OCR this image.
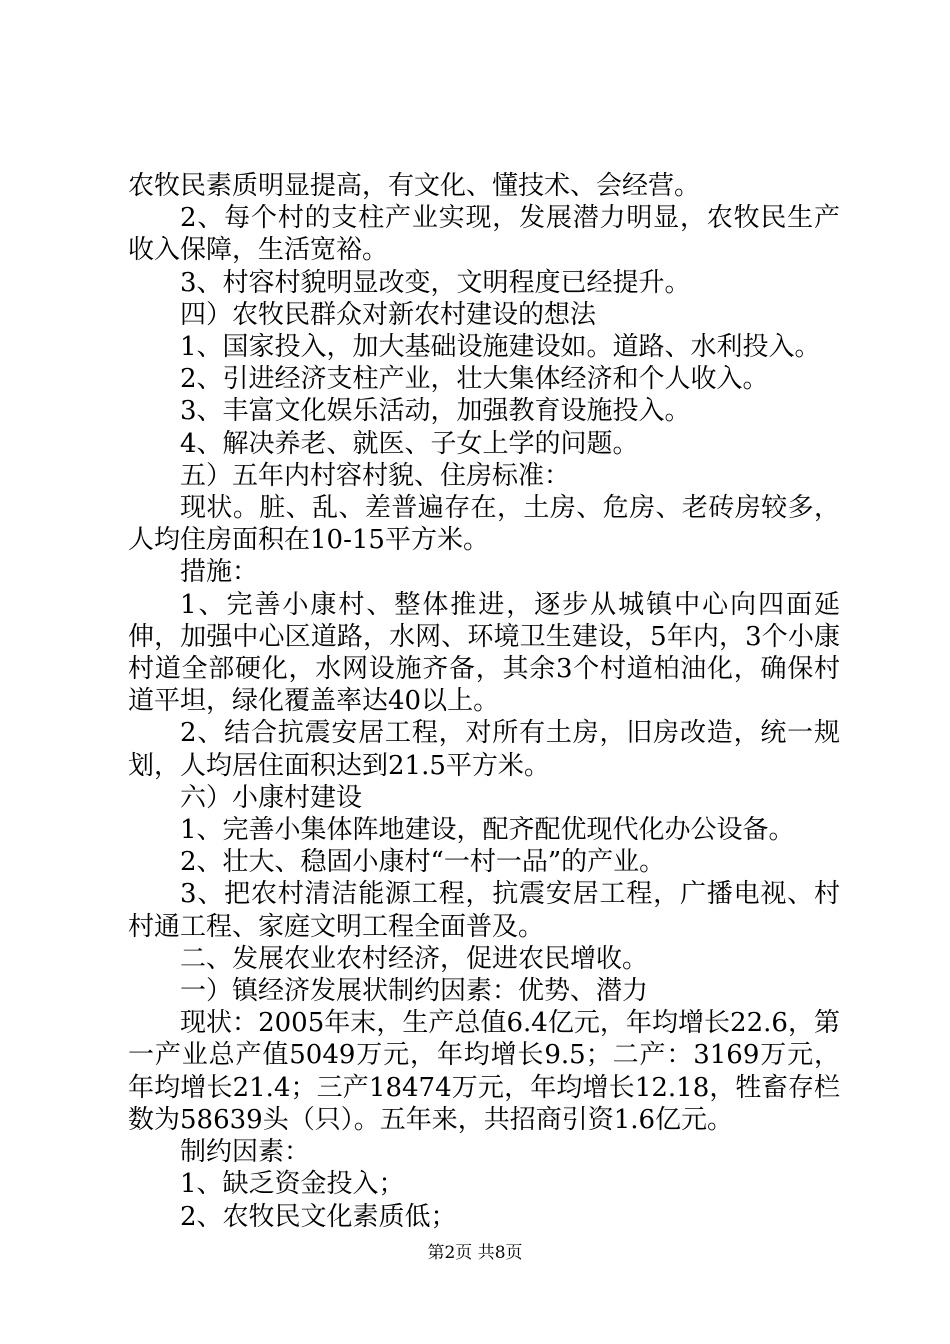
农牧民素质明显提高，有文化、懂技术、会经营。

2、每个村的支柱产业实现，发展潜力明显，农牧民生产收入保障，生活宽裕。

3、村容村貌明显改变，文明程度已经提升。

四）农牧民群众对新农村建设的想法

1、国家投入，加大基础设施建设如。道路、水利投入。

2、引进经济支柱产业，壮大集体经济和个人收入。

3、丰富文化娱乐活动，加强教育设施投入。

4、解决养老、就医、子女上学的问题。

五）五年内村容村貌、住房标准：

现状。脏、乱、差普遍存在，土房、危房、老砖房较多，人均住房面积在10-15平方米。

措施：

1、完善小康村、整体推进，逐步从城镇中心向四面延伸，加强中心区道路，水网、环境卫生建设，5年内，3个小康村道全部硬化，水网设施齐备，其余3个村道柏油化，确保村道平坦，绿化覆盖率达40以上。

2、结合抗震安居工程，对所有土房，旧房改造，统一规划，人均居住面积达到21.5平方米。

六）小康村建设

1、完善小集体阵地建设，配齐配优现代化办公设备。

2、壮大、稳固小康村“一村一品”的产业。

3、把农村清洁能源工程，抗震安居工程，广播电视、村村通工程、家庭文明工程全面普及。

二、发展农业农村经济，促进农民增收。

一）镇经济发展状制约因素：优势、潜力

现状：2005年末，生产总值6.4亿元，年均增长22.6，第一产业总产值5049万元，年均增长9.5；二产：3169万元，年均增长21.4；三产18474万元，年均增长12.18，牲畜存栏数为58639头（只）。五年来，共招商引资1.6亿元。

制约因素：

1、缺乏资金投入；

2、农牧民文化素质低；

第2页 共8页
